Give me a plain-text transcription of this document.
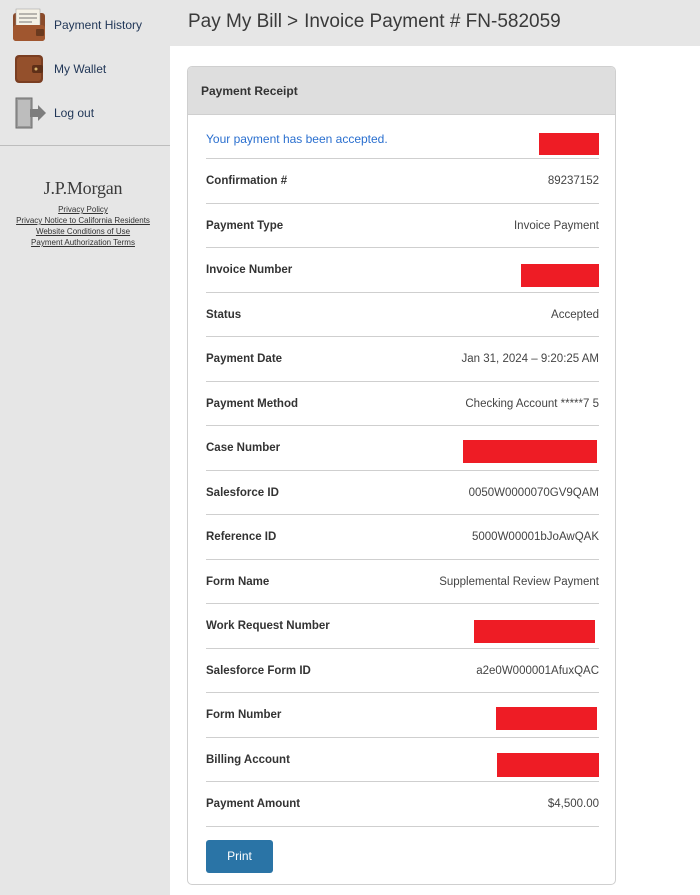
Payment History
My Wallet
Log out
J.P.Morgan
Privacy Policy
Privacy Notice to California Residents
Website Conditions of Use
Payment Authorization Terms
Pay My Bill > Invoice Payment # FN-582059
Payment Receipt
Your payment has been accepted.
Confirmation #	89237152
Payment Type	Invoice Payment
Invoice Number
Status	Accepted
Payment Date	Jan 31, 2024 – 9:20:25 AM
Payment Method	Checking Account *****7 5
Case Number
Salesforce ID	0050W0000070GV9QAM
Reference ID	5000W00001bJoAwQAK
Form Name	Supplemental Review Payment
Work Request Number
Salesforce Form ID	a2e0W000001AfuxQAC
Form Number
Billing Account
Payment Amount	$4,500.00
Print
